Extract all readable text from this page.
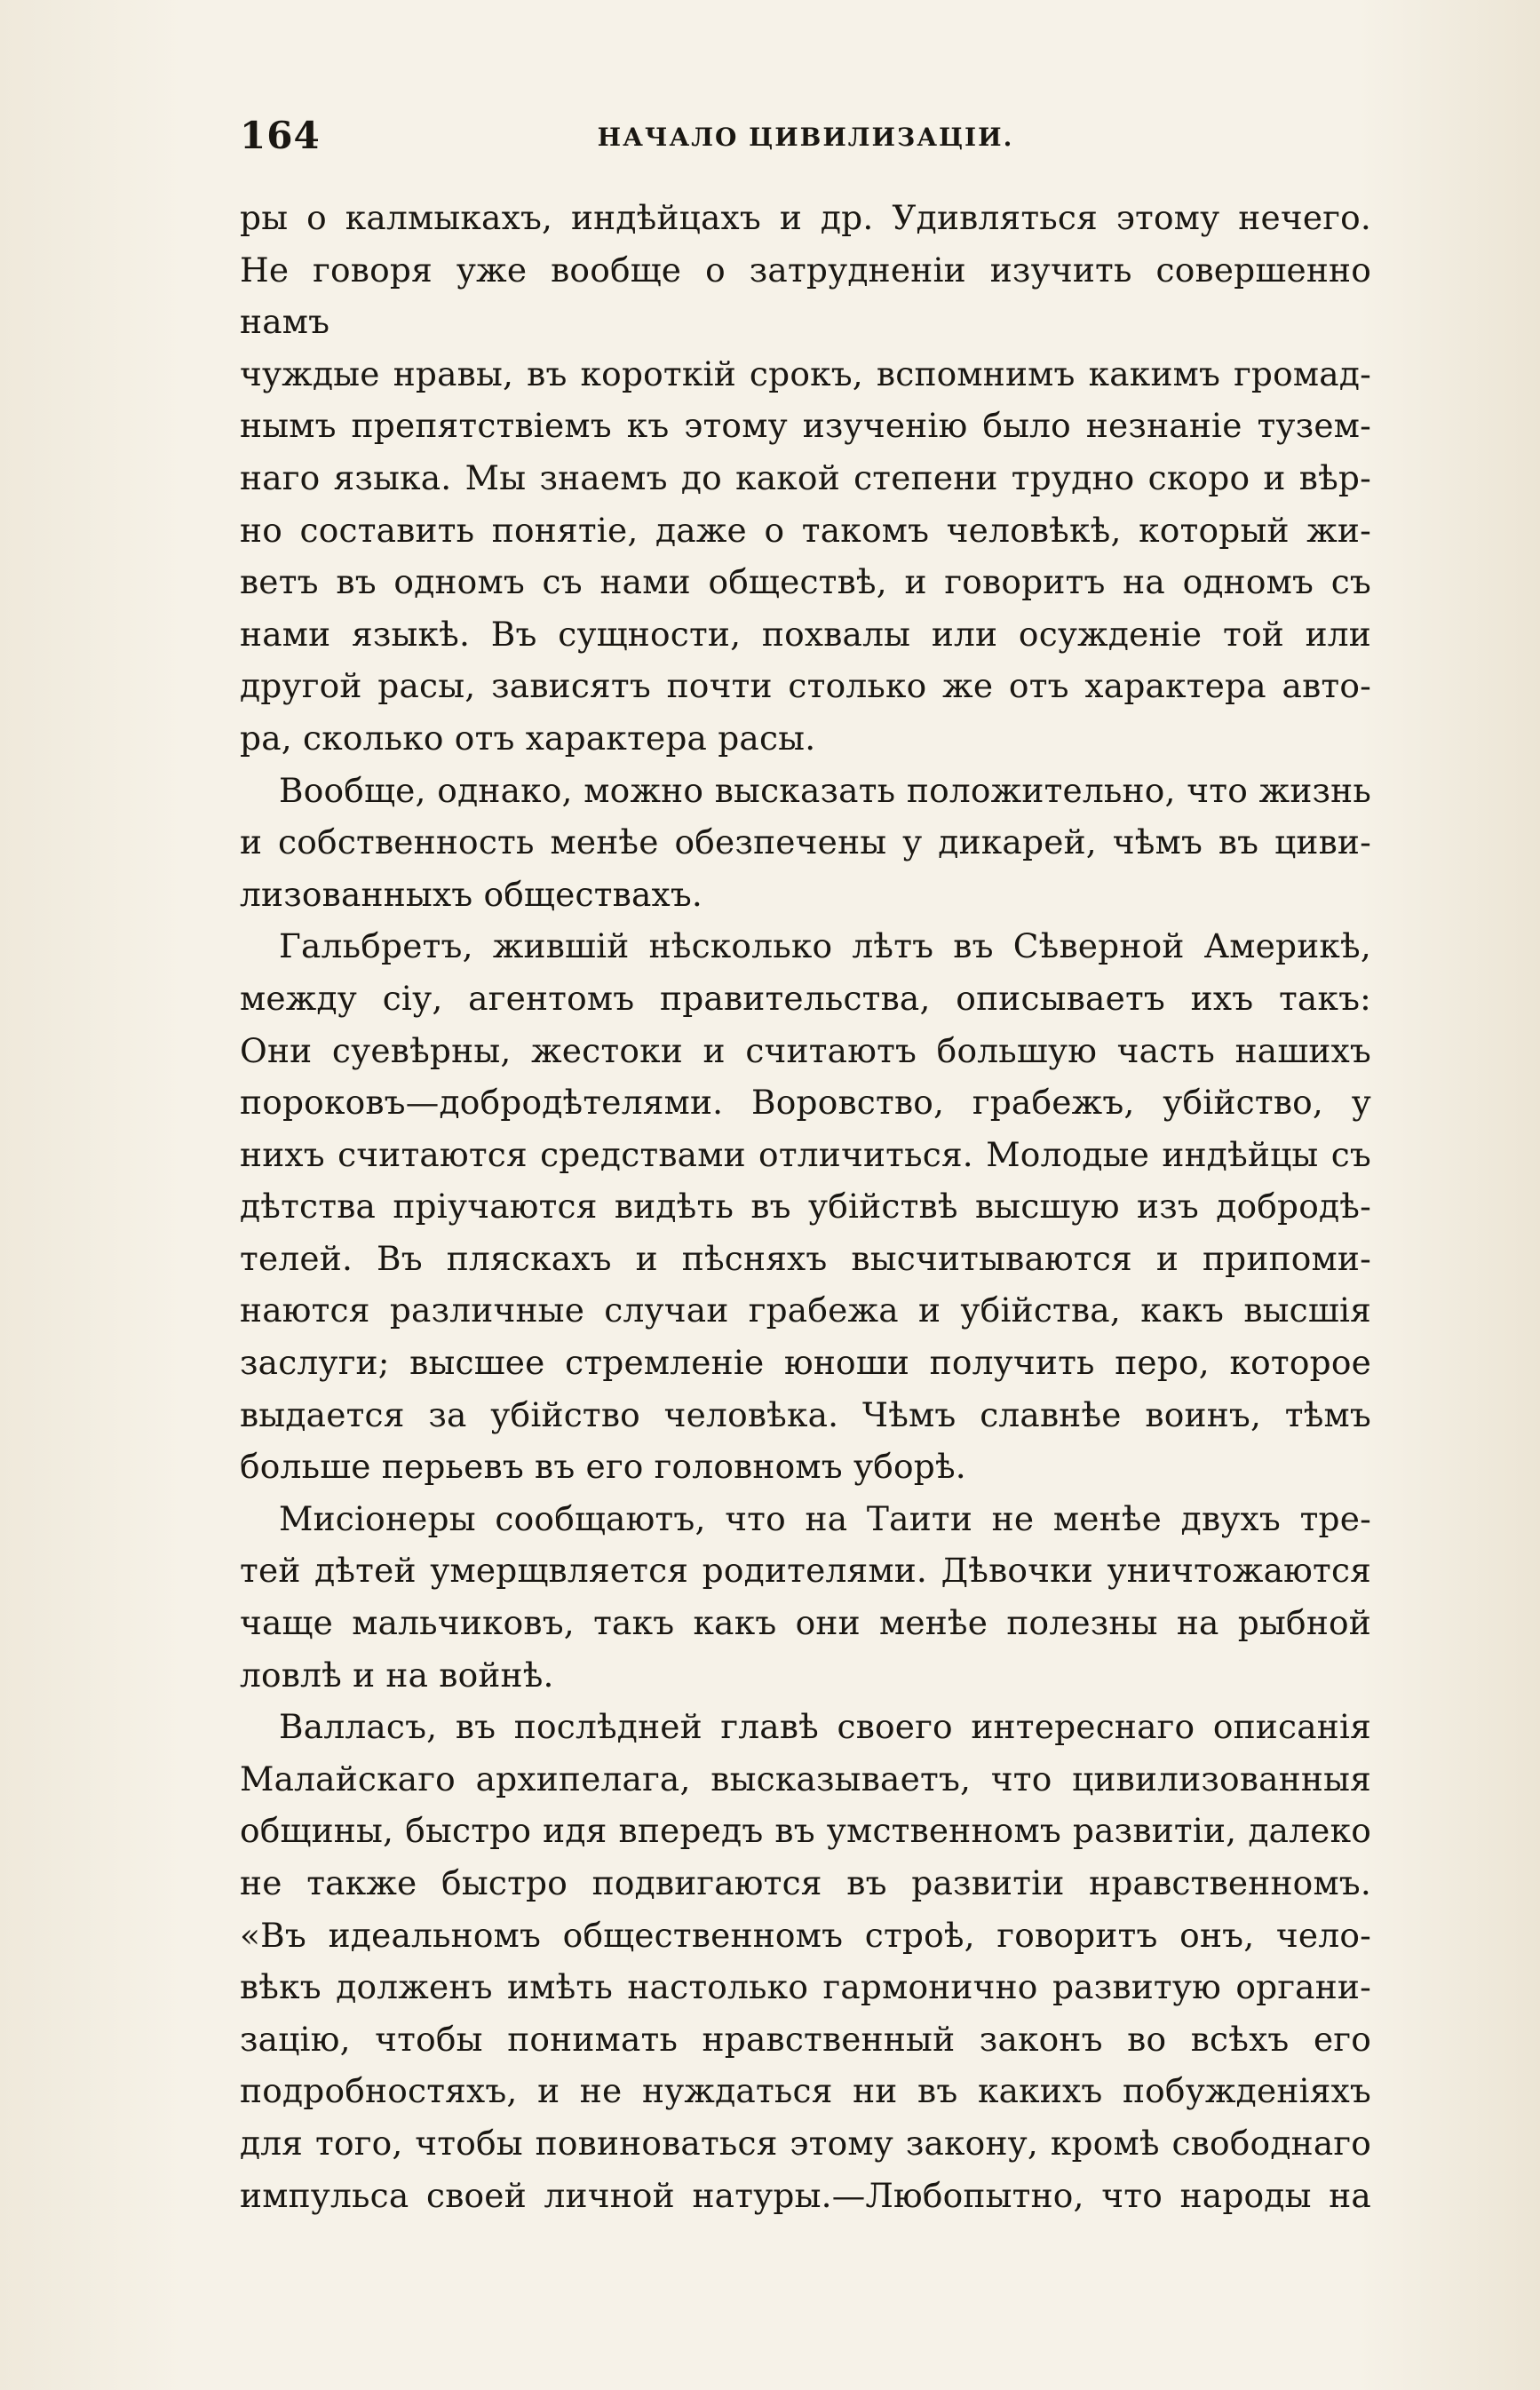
164	НАЧАЛО ЦИВИЛИЗАЦІИ.

ры о калмыкахъ, индѣйцахъ и др. Удивляться этому нечего.
Не говоря уже вообще о затрудненіи изучить совершенно намъ
чуждые нравы, въ короткій срокъ, вспомнимъ какимъ громад-
нымъ препятствіемъ къ этому изученію было незнаніе тузем-
наго языка. Мы знаемъ до какой степени трудно скоро и вѣр-
но составить понятіе, даже о такомъ человѣкѣ, который жи-
ветъ въ одномъ съ нами обществѣ, и говоритъ на одномъ съ
нами языкѣ. Въ сущности, похвалы или осужденіе той или
другой расы, зависятъ почти столько же отъ характера авто-
ра, сколько отъ характера расы.

Вообще, однако, можно высказать положительно, что жизнь
и собственность менѣе обезпечены у дикарей, чѣмъ въ циви-
лизованныхъ обществахъ.

Гальбретъ, жившій нѣсколько лѣтъ въ Сѣверной Америкѣ,
между сіу, агентомъ правительства, описываетъ ихъ такъ:
Они суевѣрны, жестоки и считаютъ большую часть нашихъ
пороковъ—добродѣтелями. Воровство, грабежъ, убійство, у
нихъ считаются средствами отличиться. Молодые индѣйцы съ
дѣтства пріучаются видѣть въ убійствѣ высшую изъ добродѣ-
телей. Въ пляскахъ и пѣсняхъ высчитываются и припоми-
наются различные случаи грабежа и убійства, какъ высшія
заслуги; высшее стремленіе юноши получить перо, которое
выдается за убійство человѣка. Чѣмъ славнѣе воинъ, тѣмъ
больше перьевъ въ его головномъ уборѣ.

Мисіонеры сообщаютъ, что на Таити не менѣе двухъ тре-
тей дѣтей умерщвляется родителями. Дѣвочки уничтожаются
чаще мальчиковъ, такъ какъ они менѣе полезны на рыбной
ловлѣ и на войнѣ.

Валласъ, въ послѣдней главѣ своего интереснаго описанія
Малайскаго архипелага, высказываетъ, что цивилизованныя
общины, быстро идя впередъ въ умственномъ развитіи, далеко
не также быстро подвигаются въ развитіи нравственномъ.
«Въ идеальномъ общественномъ строѣ, говоритъ онъ, чело-
вѣкъ долженъ имѣть настолько гармонично развитую органи-
зацію, чтобы понимать нравственный законъ во всѣхъ его
подробностяхъ, и не нуждаться ни въ какихъ побужденіяхъ
для того, чтобы повиноваться этому закону, кромѣ свободнаго
импульса своей личной натуры.—Любопытно, что народы на
